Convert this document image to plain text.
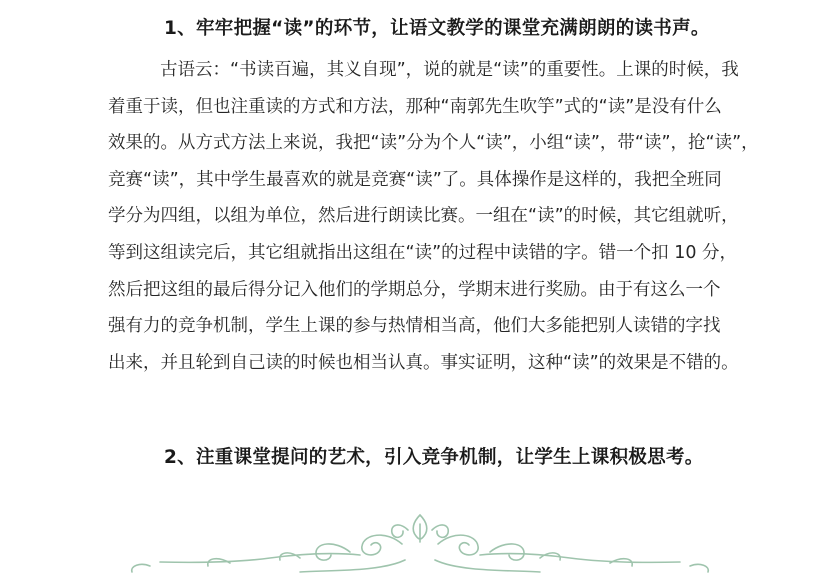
1、牢牢把握“读”的环节，让语文教学的课堂充满朗朗的读书声。
古语云：“书读百遍，其义自现”，说的就是“读”的重要性。上课的时候，我
着重于读，但也注重读的方式和方法，那种“南郭先生吹竽”式的“读”是没有什么
效果的。从方式方法上来说，我把“读”分为个人“读”，小组“读”，带“读”，抢“读”，
竞赛“读”，其中学生最喜欢的就是竞赛“读”了。具体操作是这样的，我把全班同
学分为四组，以组为单位，然后进行朗读比赛。一组在“读”的时候，其它组就听，
等到这组读完后，其它组就指出这组在“读”的过程中读错的字。错一个扣 10 分，
然后把这组的最后得分记入他们的学期总分，学期末进行奖励。由于有这么一个
强有力的竞争机制，学生上课的参与热情相当高，他们大多能把别人读错的字找
出来，并且轮到自己读的时候也相当认真。事实证明，这种“读”的效果是不错的。
2、注重课堂提问的艺术，引入竞争机制，让学生上课积极思考。
